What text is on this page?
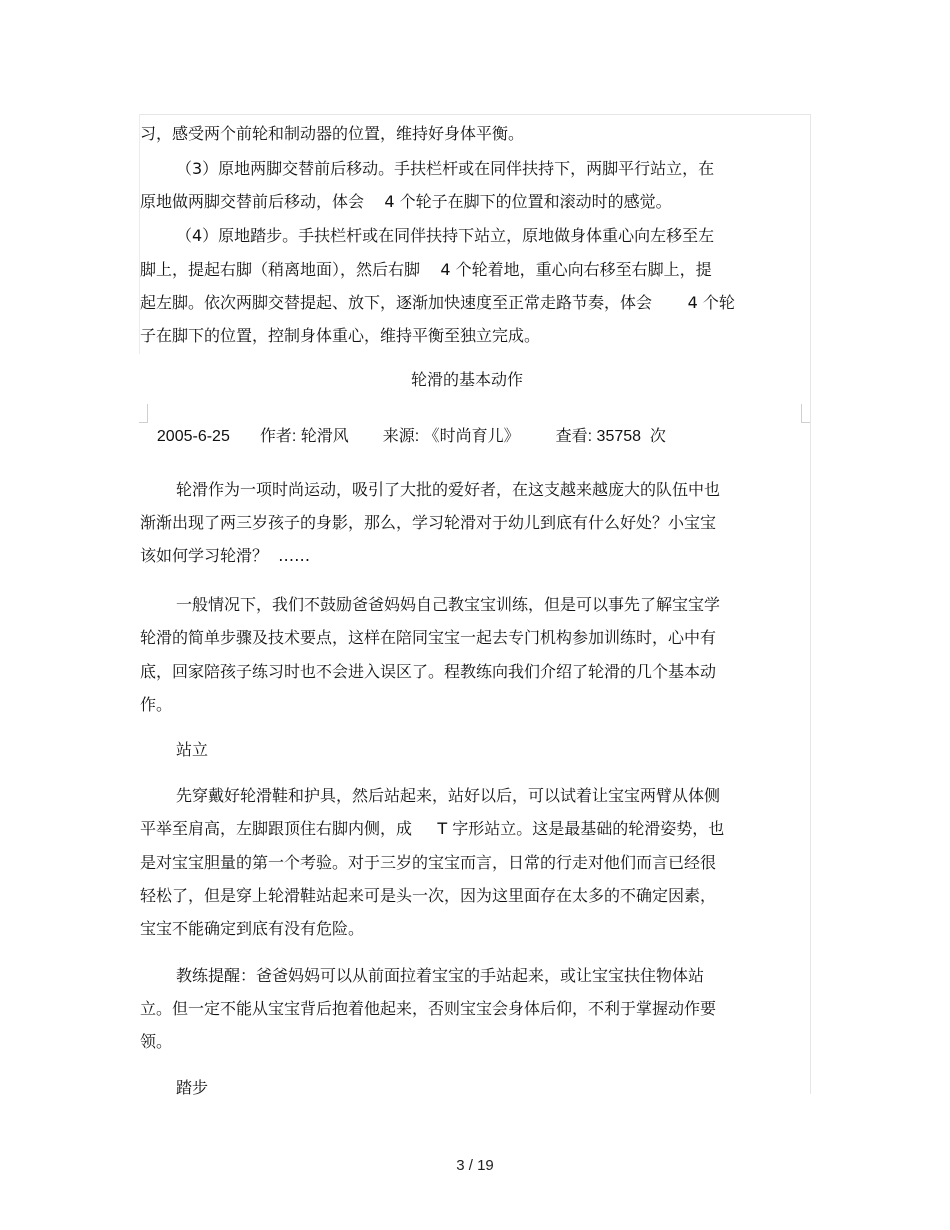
习，感受两个前轮和制动器的位置，维持好身体平衡。
（3）原地两脚交替前后移动。手扶栏杆或在同伴扶持下，两脚平行站立，在
原地做两脚交替前后移动，体会    4 个轮子在脚下的位置和滚动时的感觉。
（4）原地踏步。手扶栏杆或在同伴扶持下站立，原地做身体重心向左移至左
脚上，提起右脚（稍离地面），然后右脚    4 个轮着地，重心向右移至右脚上，提
起左脚。依次两脚交替提起、放下，逐渐加快速度至正常走路节奏，体会       4 个轮
子在脚下的位置，控制身体重心，维持平衡至独立完成。
轮滑的基本动作

2005-6-25 作者: 轮滑风 来源: 《时尚育儿》 查看: 35758  次

轮滑作为一项时尚运动，吸引了大批的爱好者，在这支越来越庞大的队伍中也
渐渐出现了两三岁孩子的身影，那么，学习轮滑对于幼儿到底有什么好处？小宝宝
该如何学习轮滑？  ……
一般情况下，我们不鼓励爸爸妈妈自己教宝宝训练，但是可以事先了解宝宝学
轮滑的简单步骤及技术要点，这样在陪同宝宝一起去专门机构参加训练时，心中有
底，回家陪孩子练习时也不会进入误区了。程教练向我们介绍了轮滑的几个基本动
作。
站立
先穿戴好轮滑鞋和护具，然后站起来，站好以后，可以试着让宝宝两臂从体侧
平举至肩高，左脚跟顶住右脚内侧，成     T 字形站立。这是最基础的轮滑姿势，也
是对宝宝胆量的第一个考验。对于三岁的宝宝而言，日常的行走对他们而言已经很
轻松了，但是穿上轮滑鞋站起来可是头一次，因为这里面存在太多的不确定因素，
宝宝不能确定到底有没有危险。
教练提醒：爸爸妈妈可以从前面拉着宝宝的手站起来，或让宝宝扶住物体站
立。但一定不能从宝宝背后抱着他起来，否则宝宝会身体后仰，不利于掌握动作要
领。
踏步
3 / 19
